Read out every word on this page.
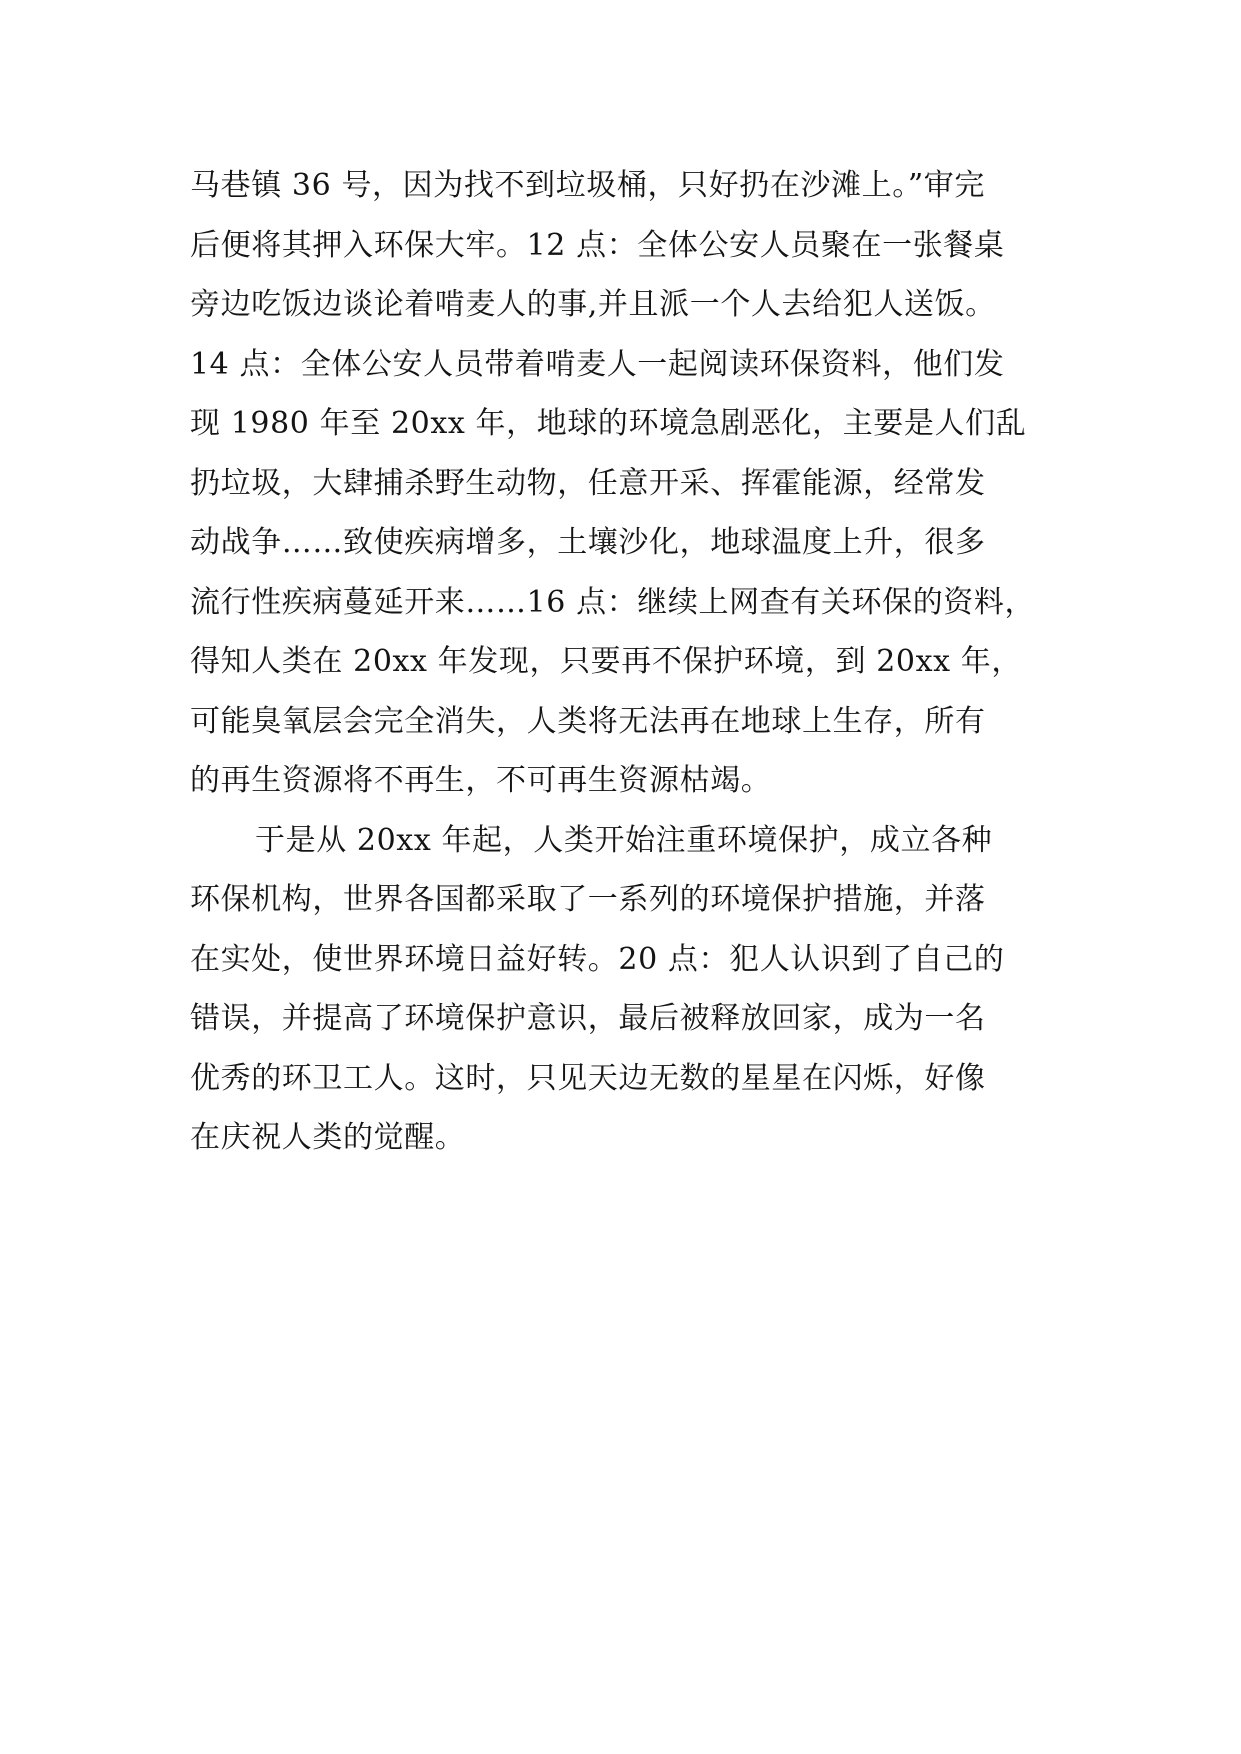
马巷镇 36 号，因为找不到垃圾桶，只好扔在沙滩上。”审完
后便将其押入环保大牢。12 点：全体公安人员聚在一张餐桌
旁边吃饭边谈论着啃麦人的事,并且派一个人去给犯人送饭。
14 点：全体公安人员带着啃麦人一起阅读环保资料，他们发
现 1980 年至 20xx 年，地球的环境急剧恶化，主要是人们乱
扔垃圾，大肆捕杀野生动物，任意开采、挥霍能源，经常发
动战争……致使疾病增多，土壤沙化，地球温度上升，很多
流行性疾病蔓延开来……16 点：继续上网查有关环保的资料，
得知人类在 20xx 年发现，只要再不保护环境，到 20xx 年，
可能臭氧层会完全消失，人类将无法再在地球上生存，所有
的再生资源将不再生，不可再生资源枯竭。
于是从 20xx 年起，人类开始注重环境保护，成立各种
环保机构，世界各国都采取了一系列的环境保护措施，并落
在实处，使世界环境日益好转。20 点：犯人认识到了自己的
错误，并提高了环境保护意识，最后被释放回家，成为一名
优秀的环卫工人。这时，只见天边无数的星星在闪烁，好像
在庆祝人类的觉醒。
